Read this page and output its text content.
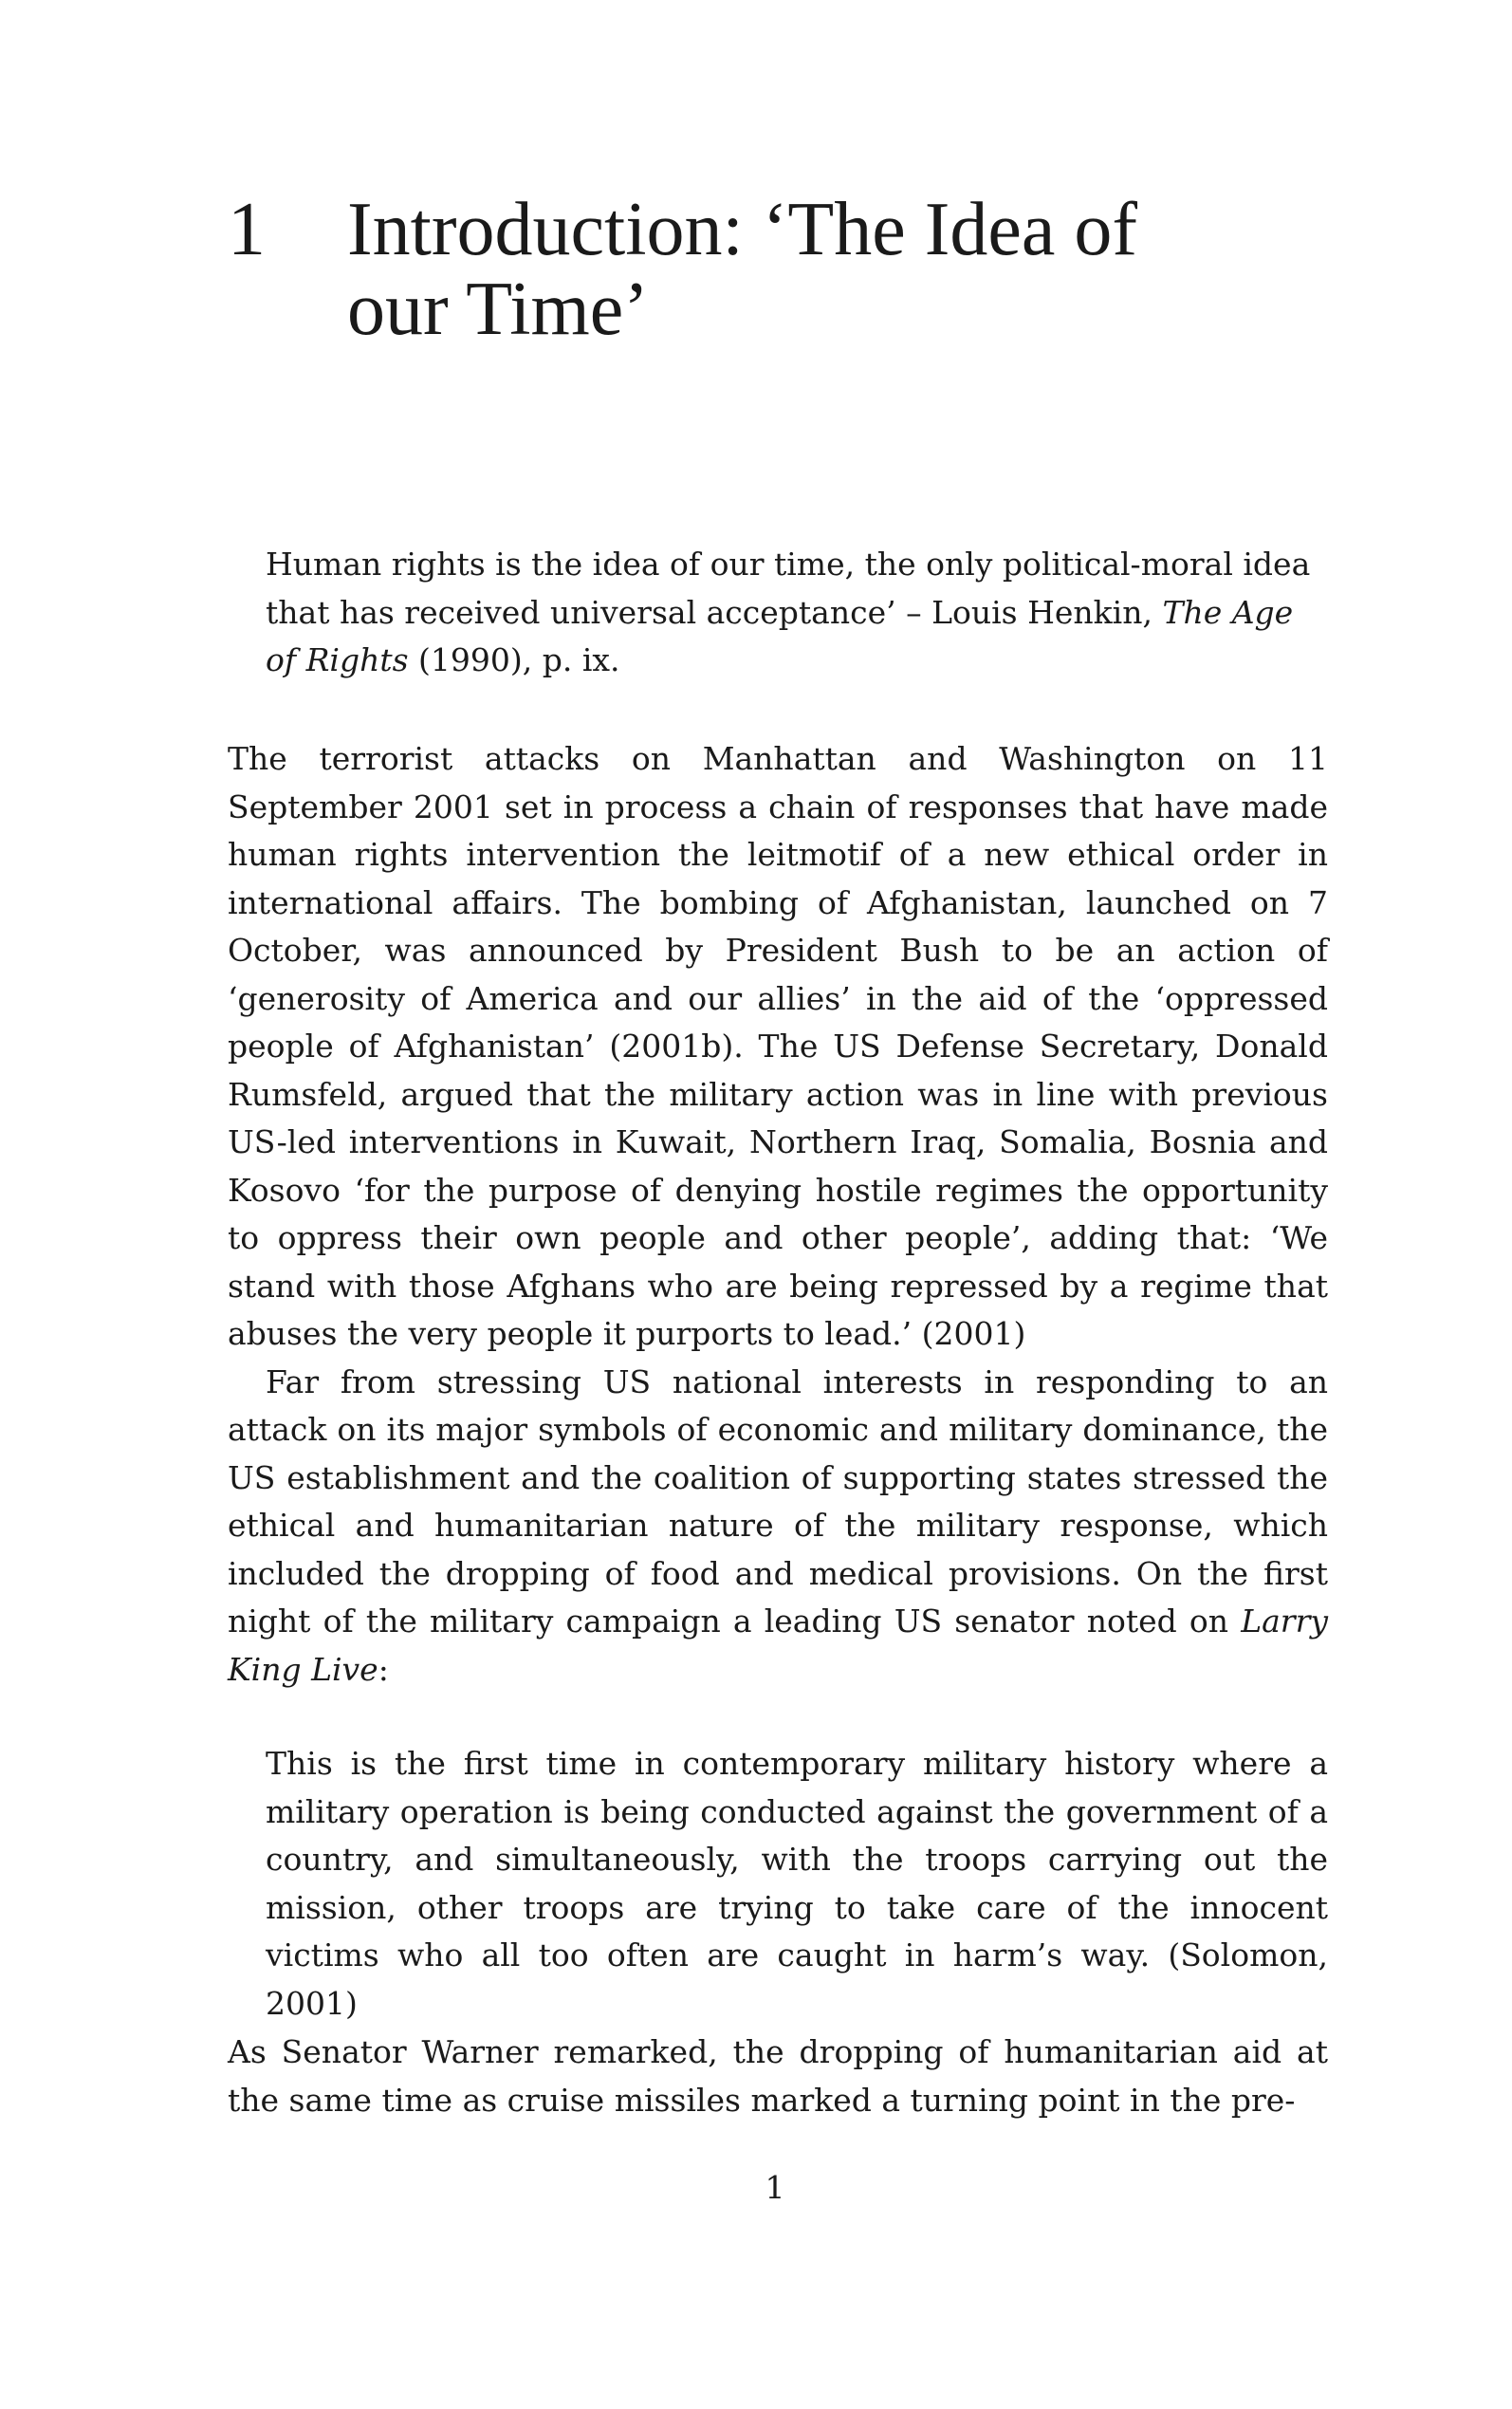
1 Introduction: ‘The Idea of
our Time’

Human rights is the idea of our time, the only political-moral idea that has received universal acceptance’ – Louis Henkin, The Age of Rights (1990), p. ix.

The terrorist attacks on Manhattan and Washington on 11 September 2001 set in process a chain of responses that have made human rights intervention the leitmotif of a new ethical order in international affairs. The bombing of Afghanistan, launched on 7 October, was announced by President Bush to be an action of ‘generosity of America and our allies’ in the aid of the ‘oppressed people of Afghanistan’ (2001b). The US Defense Secretary, Donald Rumsfeld, argued that the military action was in line with previous US-led interventions in Kuwait, Northern Iraq, Somalia, Bosnia and Kosovo ‘for the purpose of denying hostile regimes the opportunity to oppress their own people and other people’, adding that: ‘We stand with those Afghans who are being repressed by a regime that abuses the very people it purports to lead.’ (2001)

Far from stressing US national interests in responding to an attack on its major symbols of economic and military dominance, the US establishment and the coalition of supporting states stressed the ethical and humanitarian nature of the military response, which included the dropping of food and medical provisions. On the first night of the military campaign a leading US senator noted on Larry King Live:

This is the first time in contemporary military history where a military operation is being conducted against the government of a country, and simultaneously, with the troops carrying out the mission, other troops are trying to take care of the innocent victims who all too often are caught in harm’s way. (Solomon, 2001)

As Senator Warner remarked, the dropping of humanitarian aid at the same time as cruise missiles marked a turning point in the pre-

1
